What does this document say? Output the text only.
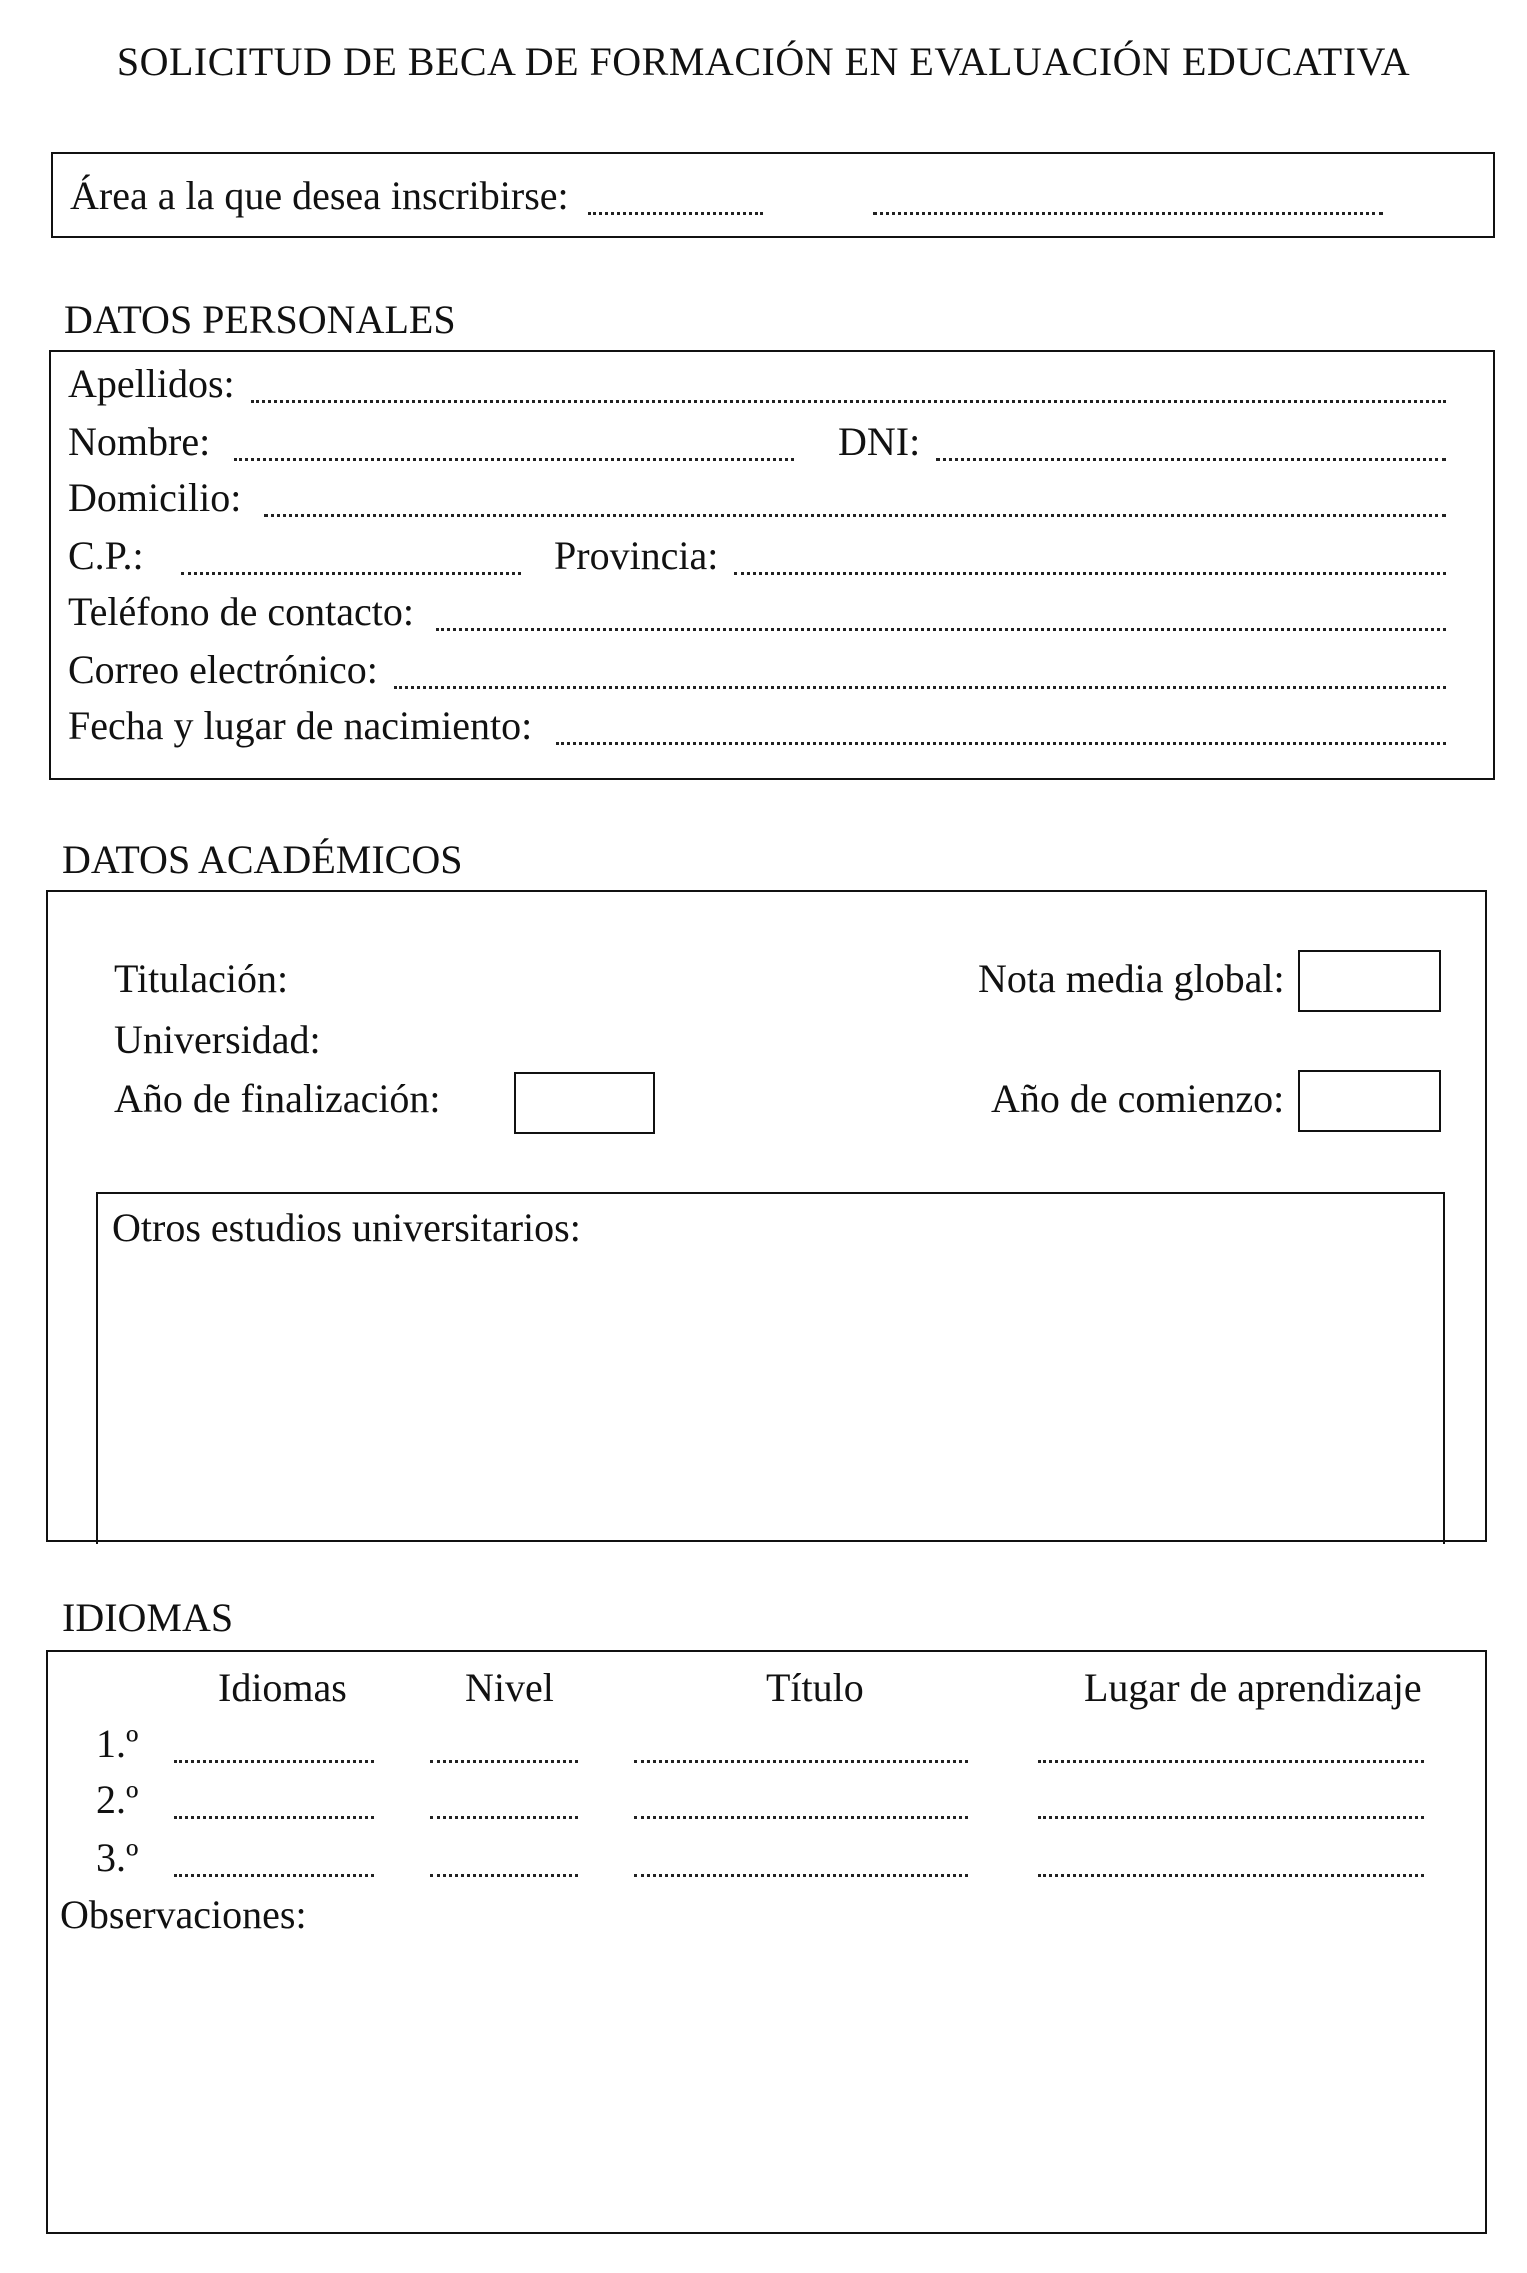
SOLICITUD DE BECA DE FORMACIÓN EN EVALUACIÓN EDUCATIVA
Área a la que desea inscribirse:
DATOS PERSONALES
Apellidos:
Nombre:	DNI:
Domicilio:
C.P.:	Provincia:
Teléfono de contacto:
Correo electrónico:
Fecha y lugar de nacimiento:
DATOS ACADÉMICOS
Titulación:
Universidad:
Año de finalización:
Nota media global:
Año de comienzo:
Otros estudios universitarios:
IDIOMAS
Idiomas	Nivel	Título	Lugar de aprendizaje
1.º
2.º
3.º
Observaciones:
